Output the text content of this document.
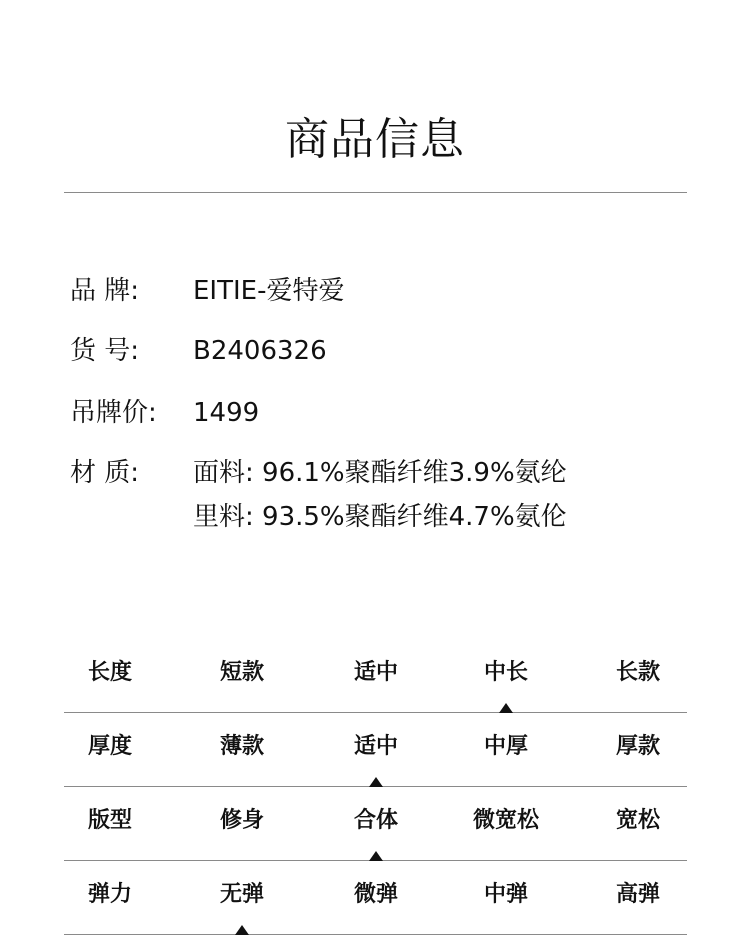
商品信息
品 牌: EITIE-爱特爱
货 号: B2406326
吊牌价: 1499
材 质: 面料: 96.1%聚酯纤维3.9%氨纶
里料: 93.5%聚酯纤维4.7%氨伦
长度	短款	适中	中长	长款
厚度	薄款	适中	中厚	厚款
版型	修身	合体	微宽松	宽松
弹力	无弹	微弹	中弹	高弹
